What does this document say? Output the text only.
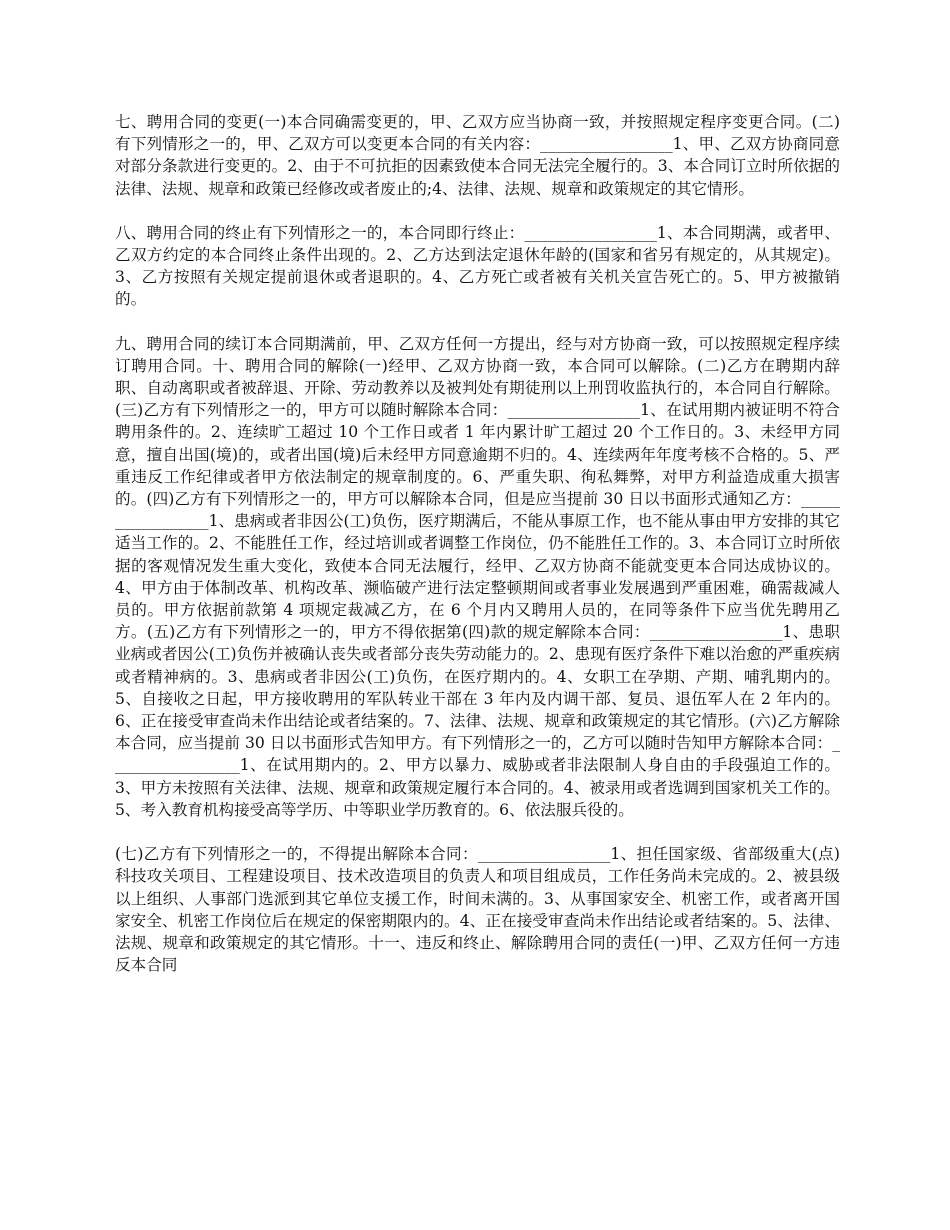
七、聘用合同的变更(一)本合同确需变更的，甲、乙双方应当协商一致，并按照规定程序变更合同。(二)有下列情形之一的，甲、乙双方可以变更本合同的有关内容：_________________1、甲、乙双方协商同意对部分条款进行变更的。2、由于不可抗拒的因素致使本合同无法完全履行的。3、本合同订立时所依据的法律、法规、规章和政策已经修改或者废止的;4、法律、法规、规章和政策规定的其它情形。

八、聘用合同的终止有下列情形之一的，本合同即行终止：_________________1、本合同期满，或者甲、乙双方约定的本合同终止条件出现的。2、乙方达到法定退休年龄的(国家和省另有规定的，从其规定)。3、乙方按照有关规定提前退休或者退职的。4、乙方死亡或者被有关机关宣告死亡的。5、甲方被撤销的。

九、聘用合同的续订本合同期满前，甲、乙双方任何一方提出，经与对方协商一致，可以按照规定程序续订聘用合同。十、聘用合同的解除(一)经甲、乙双方协商一致，本合同可以解除。(二)乙方在聘期内辞职、自动离职或者被辞退、开除、劳动教养以及被判处有期徒刑以上刑罚收监执行的，本合同自行解除。(三)乙方有下列情形之一的，甲方可以随时解除本合同：_________________1、在试用期内被证明不符合聘用条件的。2、连续旷工超过 10 个工作日或者 1 年内累计旷工超过 20 个工作日的。3、未经甲方同意，擅自出国(境)的，或者出国(境)后未经甲方同意逾期不归的。4、连续两年年度考核不合格的。5、严重违反工作纪律或者甲方依法制定的规章制度的。6、严重失职、徇私舞弊，对甲方利益造成重大损害的。(四)乙方有下列情形之一的，甲方可以解除本合同，但是应当提前 30 日以书面形式通知乙方：_________________1、患病或者非因公(工)负伤，医疗期满后，不能从事原工作，也不能从事由甲方安排的其它适当工作的。2、不能胜任工作，经过培训或者调整工作岗位，仍不能胜任工作的。3、本合同订立时所依据的客观情况发生重大变化，致使本合同无法履行，经甲、乙双方协商不能就变更本合同达成协议的。4、甲方由于体制改革、机构改革、濒临破产进行法定整顿期间或者事业发展遇到严重困难，确需裁减人员的。甲方依据前款第 4 项规定裁减乙方，在 6 个月内又聘用人员的，在同等条件下应当优先聘用乙方。(五)乙方有下列情形之一的，甲方不得依据第(四)款的规定解除本合同：_________________1、患职业病或者因公(工)负伤并被确认丧失或者部分丧失劳动能力的。2、患现有医疗条件下难以治愈的严重疾病或者精神病的。3、患病或者非因公(工)负伤，在医疗期内的。4、女职工在孕期、产期、哺乳期内的。5、自接收之日起，甲方接收聘用的军队转业干部在 3 年内及内调干部、复员、退伍军人在 2 年内的。6、正在接受审查尚未作出结论或者结案的。7、法律、法规、规章和政策规定的其它情形。(六)乙方解除本合同，应当提前 30 日以书面形式告知甲方。有下列情形之一的，乙方可以随时告知甲方解除本合同：_________________1、在试用期内的。2、甲方以暴力、威胁或者非法限制人身自由的手段强迫工作的。3、甲方未按照有关法律、法规、规章和政策规定履行本合同的。4、被录用或者选调到国家机关工作的。5、考入教育机构接受高等学历、中等职业学历教育的。6、依法服兵役的。

(七)乙方有下列情形之一的，不得提出解除本合同：_________________1、担任国家级、省部级重大(点)科技攻关项目、工程建设项目、技术改造项目的负责人和项目组成员，工作任务尚未完成的。2、被县级以上组织、人事部门选派到其它单位支援工作，时间未满的。3、从事国家安全、机密工作，或者离开国家安全、机密工作岗位后在规定的保密期限内的。4、正在接受审查尚未作出结论或者结案的。5、法律、法规、规章和政策规定的其它情形。十一、违反和终止、解除聘用合同的责任(一)甲、乙双方任何一方违反本合同
